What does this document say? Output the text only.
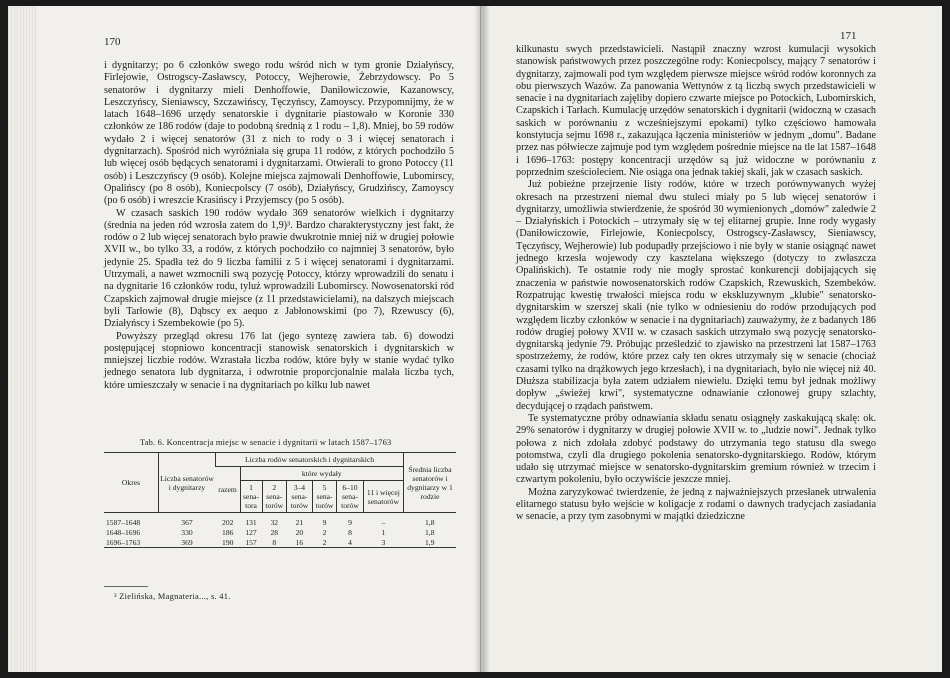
170	171

i dygnitarzy; po 6 członków swego rodu wśród nich w tym gronie Działyńscy, Firlejowie, Ostrogscy-Zasławscy, Potoccy, Wejherowie, Żebrzydowscy. Po 5 senatorów i dygnitarzy mieli Denhoffowie, Daniłowiczowie, Kazanowscy, Leszczyńscy, Sieniawscy, Szczawińscy, Tęczyńscy, Zamoyscy. Przypomnijmy, że w latach 1648–1696 urzędy senatorskie i dygnitarie piastowało w Koronie 330 członków ze 186 rodów (daje to podobną średnią z 1 rodu – 1,8). Mniej, bo 59 rodów wydało 2 i więcej senatorów (31 z nich to rody o 3 i więcej senatorach i dygnitarzach). Spośród nich wyróżniała się grupa 11 rodów, z których pochodziło 5 lub więcej osób będących senatorami i dygnitarzami. Otwierali to grono Potoccy (11 osób) i Leszczyńscy (9 osób). Kolejne miejsca zajmowali Denhoffowie, Lubomirscy, Opalińscy (po 8 osób), Koniecpolscy (7 osób), Działyńscy, Grudzińscy, Zamoyscy (po 6 osób) i wreszcie Krasińscy i Przyjemscy (po 5 osób).

W czasach saskich 190 rodów wydało 369 senatorów wielkich i dygnitarzy (średnia na jeden ród wzrosła zatem do 1,9)³. Bardzo charakterystyczny jest fakt, że rodów o 2 lub więcej senatorach było prawie dwukrotnie mniej niż w drugiej połowie XVII w., bo tylko 33, a rodów, z których pochodziło co najmniej 3 senatorów, było jedynie 25. Spadła też do 9 liczba familii z 5 i więcej senatorami i dygnitarzami. Utrzymali, a nawet wzmocnili swą pozycję Potoccy, którzy wprowadzili do senatu i na dygnitarie 16 członków rodu, tyluż wprowadzili Lubomirscy. Nowosenatorski ród Czapskich zajmował drugie miejsce (z 11 przedstawicielami), na dalszych miejscach byli Tarłowie (8), Dąbscy ex aequo z Jabłonowskimi (po 7), Rzewuscy (6), Działyńscy i Szembekowie (po 5).

Powyższy przegląd okresu 176 lat (jego syntezę zawiera tab. 6) dowodzi postępującej stopniowo koncentracji stanowisk senatorskich i dygnitarskich w mniejszej liczbie rodów. Wzrastała liczba rodów, które były w stanie wydać tylko jednego senatora lub dygnitarza, i odwrotnie proporcjonalnie malała liczba tych, które umieszczały w senacie i na dygnitariach po kilku lub nawet

Tab. 6. Koncentracja miejsc w senacie i dygnitarii w latach 1587–1763
Okres	Liczba senatorów i dygnitarzy	Liczba rodów senatorskich i dygnitarskich							Średnia liczba senatorów i dygnitarzy w 1 rodzie
		razem	które wydały						
			1 sena-tora	2 sena-torów	3–4 sena-torów	5 sena-torów	6–10 sena-torów	11 i więcej senatorów	
1587–1648	367	202	131	32	21	9	9	–	1,8
1648–1696	330	186	127	28	20	2	8	1	1,8
1696–1763	369	190	157	8	16	2	4	3	1,9
³ Zielińska, Magnateria..., s. 41.

kilkunastu swych przedstawicieli. Nastąpił znaczny wzrost kumulacji wysokich stanowisk państwowych przez poszczególne rody: Koniecpolscy, mający 7 senatorów i dygnitarzy, zajmowali pod tym względem pierwsze miejsce wśród rodów koronnych za obu pierwszych Wazów. Za panowania Wettynów z tą liczbą swych przedstawicieli w senacie i na dygnitariach zajęliby dopiero czwarte miejsce po Potockich, Lubomirskich, Czapskich i Tarłach. Kumulację urzędów senatorskich i dygnitarii (widoczną w czasach saskich w porównaniu z wcześniejszymi epokami) tylko częściowo hamowała konstytucja sejmu 1698 r., zakazująca łączenia ministeriów w jednym „domu". Badane przez nas półwiecze zajmuje pod tym względem pośrednie miejsce na tle lat 1587–1648 i 1696–1763: postępy koncentracji urzędów są już widoczne w porównaniu z poprzednim sześcioleciem. Nie osiąga ona jednak takiej skali, jak w czasach saskich.

Już pobieżne przejrzenie listy rodów, które w trzech porównywanych wyżej okresach na przestrzeni niemal dwu stuleci miały po 5 lub więcej senatorów i dygnitarzy, umożliwia stwierdzenie, że spośród 30 wymienionych „domów" zaledwie 2 – Działyńskich i Potockich – utrzymały się w tej elitarnej grupie. Inne rody wygasły (Daniłowiczowie, Firlejowie, Koniecpolscy, Ostrogscy-Zasławscy, Sieniawscy, Tęczyńscy, Wejherowie) lub podupadły przejściowo i nie były w stanie osiągnąć nawet jednego krzesła wojewody czy kasztelana większego (dotyczy to zwłaszcza Opalińskich). Te ostatnie rody nie mogły sprostać konkurencji dobijających się znaczenia w państwie nowosenatorskich rodów Czapskich, Rzewuskich, Szembeków. Rozpatrując kwestię trwałości miejsca rodu w ekskluzywnym „klubie" senatorsko-dygnitarskim w szerszej skali (nie tylko w odniesieniu do rodów przodujących pod względem liczby członków w senacie i na dygnitariach) zauważymy, że z badanych 186 rodów drugiej połowy XVII w. w czasach saskich utrzymało swą pozycję senatorsko-dygnitarską jedynie 79. Próbując prześledzić to zjawisko na przestrzeni lat 1587–1763 spostrzeżemy, że rodów, które przez cały ten okres utrzymały się w senacie (chociaż czasami tylko na drążkowych jego krzesłach), i na dygnitariach, było nie więcej niż 40. Dłuższa stabilizacja była zatem udziałem niewielu. Dzięki temu był jednak możliwy dopływ „świeżej krwi", systematyczne odnawianie członowej grupy szlachty, decydującej o rządach państwem.

Te systematyczne próby odnawiania składu senatu osiągnęły zaskakującą skalę: ok. 29% senatorów i dygnitarzy w drugiej połowie XVII w. to „ludzie nowi". Jednak tylko połowa z nich zdołała zdobyć podstawy do utrzymania tego statusu dla swego potomstwa, czyli dla drugiego pokolenia senatorsko-dygnitarskiego. Rodów, którym udało się utrzymać miejsce w senatorsko-dygnitarskim gremium również w trzecim i czwartym pokoleniu, było oczywiście jeszcze mniej.

Można zaryzykować twierdzenie, że jedną z najważniejszych przesłanek utrwalenia elitarnego statusu było wejście w koligacje z rodami o dawnych tradycjach zasiadania w senacie, a przy tym zasobnymi w majątki dziedziczne
